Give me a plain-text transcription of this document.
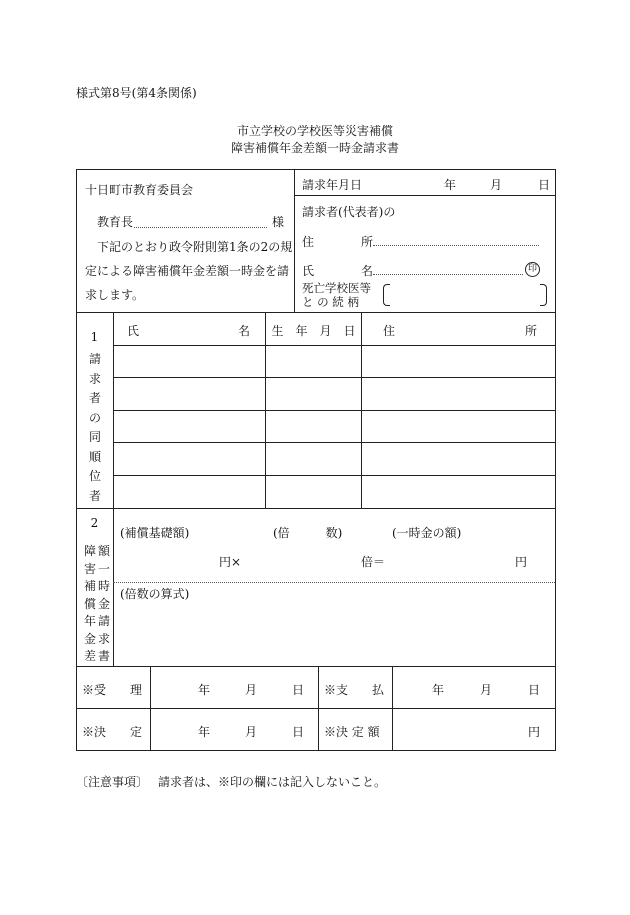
様式第8号(第4条関係)
市立学校の学校医等災害補償
障害補償年金差額一時金請求書
十日町市教育委員会
教育長	様
下記のとおり政令附則第1条の2の規
定による障害補償年金差額一時金を請
求します。
請求年月日	年	月	日
請求者(代表者)の
住	所
氏	名	印
死亡学校医等
と の 続 柄
1
請
求
者
の
同
順
位
者
氏	名	生　年　月　日	住	所
2
障
害
補
償
年
金
差
額
一
時
金
請
求
書
(補償基礎額)	(倍　　　数)	(一時金の額)
円×	倍＝	円
(倍数の算式)
※受　　理	年	月	日 ※支　　払	年	月	日
※決　　定	年	月	日 ※決 定 額	円
〔注意事項〕 請求者は、※印の欄には記入しないこと。
